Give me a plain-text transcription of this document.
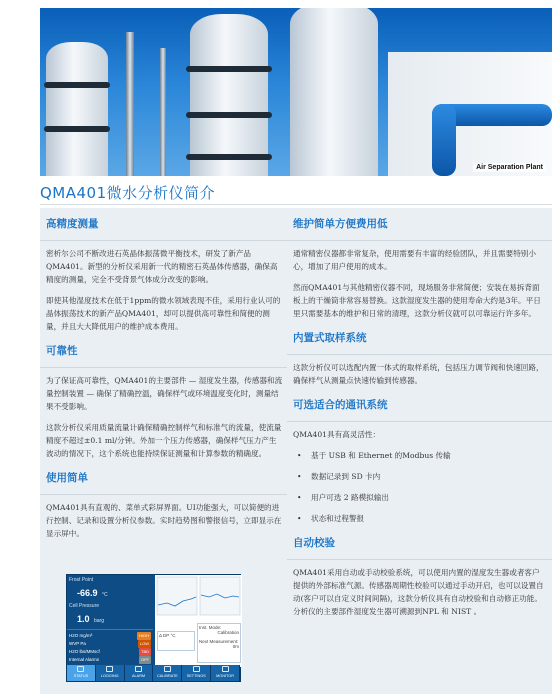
Air Separation Plant
QMA401微水分析仪简介
高精度测量

密析尔公司不断改进石英晶体振荡微平衡技术，研发了新产品QMA401。新型的分析仪采用新一代的精密石英晶体传感器，确保高精度的测量，完全不受背景气体成分改变的影响。

即使其他湿度技术在低于1ppm的微水领域表现不佳，采用行业认可的晶体振荡技术的新产品QMA401，却可以提供高可靠性和简便的测量，并且大大降低用户的维护成本费用。

可靠性

为了保证高可靠性，QMA401的主要部件 — 湿度发生器，传感器和流量控制装置 — 确保了精确控温，确保样气或环境温度变化时，测量结果不受影响。

这款分析仪采用质量流量计确保精确控制样气和标准气的流量，使流量精度不超过±0.1 ml/分钟。外加一个压力传感器，确保样气压力产生波动的情况下，这个系统也能持续保证测量和计算参数的精确度。

使用简单

QMA401具有直观的、菜单式彩屏界面。UI功能强大，可以简便的进行控制、记录和设置分析仪参数。实时趋势图和警报信号，立即显示在显示屏中。

维护简单方便费用低

通常精密仪器都非常复杂，使用需要有丰富的经验团队，并且需要特别小心，增加了用户使用的成本。

然而QMA401与其他精密仪器不同，现场服务非常简便；安装在易拆背面板上的干燥筒非常容易替换。这款湿度发生器的使用寿命大约是3年。平日里只需要基本的维护和日常的清理，这款分析仪就可以可靠运行许多年。

内置式取样系统

这款分析仪可以选配内置一体式的取样系统，包括压力调节阀和快速回路，确保样气从测量点快速传输到传感器。

可选适合的通讯系统

QMA401具有高灵活性：

• 基于 USB 和 Ethernet 的Modbus 传输
• 数据记录到 SD 卡内
• 用户可选 2 路模拟输出
• 状态和过程警报
自动校验

QMA401采用自动或手动校验系统，可以使用内置的湿度发生器或者客户提供的外部标准气源。传感器周期性校验可以通过手动开启，也可以设置自动(客户可以自定义时间间隔)，这款分析仪具有自动校验和自动修正功能。分析仪的主要部件湿度发生器可溯源到NPL 和 NIST 。

Frost Point
-66.9 °C
Cell Pressure
1.0 barg
H2O mg/m³	HIGH
WVP Pa	LOW
H2O lbs/MMscf	TBD
Internal Alarms	OFF
Δ DP °C
Inst. Mode:
Calibration
Next Measurement:
0m
STATUS	LOGGING	ALARM	CALIBRATE	SETTINGS	MONITOR
